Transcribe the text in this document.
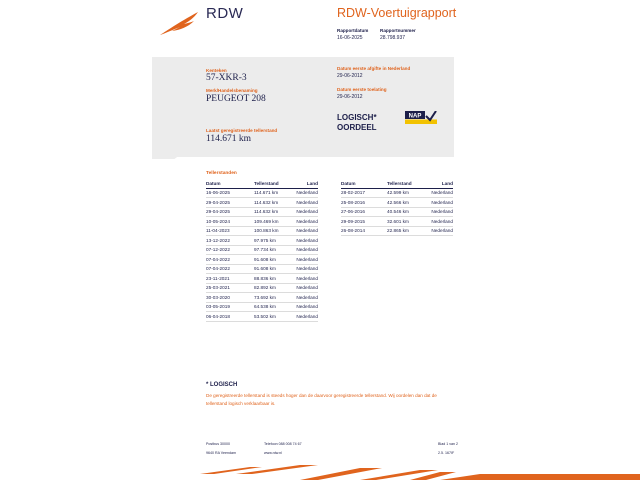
RDW	RDW-Voertuigrapport
Rapportdatum	Rapportnummer
16-06-2025	28.798.937
Kenteken
57-XKR-3
Merk/Handelsbenaming
PEUGEOT 208
Datum eerste afgifte in Nederland
29-06-2012
Datum eerste toelating
29-06-2012
LOGISCH*
OORDEEL
NAP
Laatst geregistreerde tellerstand
114.671 km
Tellerstanden
Datum	Tellerstand	Land
16-06-2025	114.671 km	Nederland
29-04-2025	114.632 km	Nederland
29-04-2025	114.632 km	Nederland
10-05-2024	109.469 km	Nederland
11-04-2023	100.863 km	Nederland
13-12-2022	97.975 km	Nederland
07-12-2022	97.734 km	Nederland
07-04-2022	91.608 km	Nederland
07-04-2022	91.608 km	Nederland
23-11-2021	88.836 km	Nederland
25-03-2021	82.892 km	Nederland
30-03-2020	73.692 km	Nederland
03-05-2019	64.538 km	Nederland
06-04-2018	53.502 km	Nederland
Datum	Tellerstand	Land
28-02-2017	42.599 km	Nederland
25-08-2016	42.566 km	Nederland
27-06-2016	40.546 km	Nederland
29-09-2015	32.601 km	Nederland
26-08-2014	22.865 km	Nederland
* LOGISCH
De geregistreerde tellerstand is steeds hoger dan de daarvoor geregistreerde tellerstand. Wij oordelen dan dat de tellerstand logisch verklaarbaar is.
Postbus 30000
9640 RA Veendam
Telefoon 088 008 74 67
www.rdw.nl
Blad 1 van 2
2.5. 167IF
